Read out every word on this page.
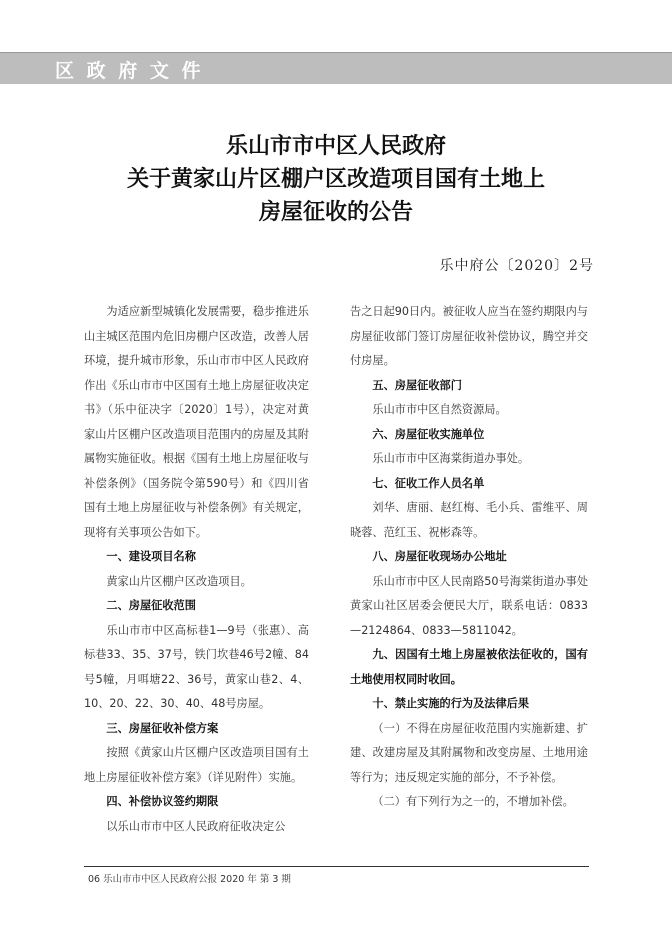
区 政 府 文 件
乐山市市中区人民政府
关于黄家山片区棚户区改造项目国有土地上
房屋征收的公告
乐中府公〔2020〕2号

为适应新型城镇化发展需要，稳步推进乐山主城区范围内危旧房棚户区改造，改善人居环境，提升城市形象，乐山市市中区人民政府作出《乐山市市中区国有土地上房屋征收决定书》（乐中征决字〔2020〕1号），决定对黄家山片区棚户区改造项目范围内的房屋及其附属物实施征收。根据《国有土地上房屋征收与补偿条例》（国务院令第590号）和《四川省国有土地上房屋征收与补偿条例》有关规定，现将有关事项公告如下。

一、建设项目名称

黄家山片区棚户区改造项目。

二、房屋征收范围

乐山市市中区高标巷1—9号（张惠）、高标巷33、35、37号，铁门坎巷46号2幢、84号5幢，月咡塘22、36号，黄家山巷2、4、10、20、22、30、40、48号房屋。

三、房屋征收补偿方案

按照《黄家山片区棚户区改造项目国有土地上房屋征收补偿方案》（详见附件）实施。

四、补偿协议签约期限

以乐山市市中区人民政府征收决定公

告之日起90日内。被征收人应当在签约期限内与房屋征收部门签订房屋征收补偿协议，腾空并交付房屋。

五、房屋征收部门

乐山市市中区自然资源局。

六、房屋征收实施单位

乐山市市中区海棠街道办事处。

七、征收工作人员名单

刘华、唐丽、赵红梅、毛小兵、雷维平、周晓蓉、范红玉、祝彬森等。

八、房屋征收现场办公地址

乐山市市中区人民南路50号海棠街道办事处黄家山社区居委会便民大厅，联系电话：0833—2124864、0833—5811042。

九、因国有土地上房屋被依法征收的，国有土地使用权同时收回。

十、禁止实施的行为及法律后果

（一）不得在房屋征收范围内实施新建、扩建、改建房屋及其附属物和改变房屋、土地用途等行为；违反规定实施的部分，不予补偿。

（二）有下列行为之一的，不增加补偿。

06 乐山市市中区人民政府公报 2020 年 第 3 期
